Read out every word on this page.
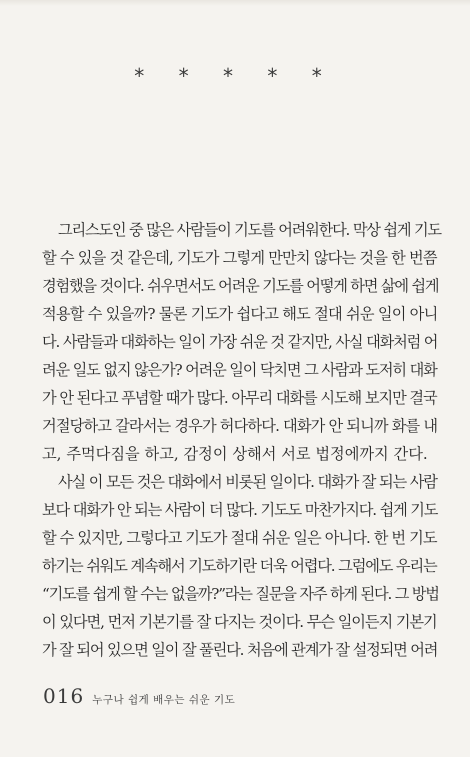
* * * * *

그리스도인 중 많은 사람들이 기도를 어려워한다. 막상 쉽게 기도
할 수 있을 것 같은데, 기도가 그렇게 만만치 않다는 것을 한 번쯤
경험했을 것이다. 쉬우면서도 어려운 기도를 어떻게 하면 삶에 쉽게
적용할 수 있을까? 물론 기도가 쉽다고 해도 절대 쉬운 일이 아니
다. 사람들과 대화하는 일이 가장 쉬운 것 같지만, 사실 대화처럼 어
려운 일도 없지 않은가? 어려운 일이 닥치면 그 사람과 도저히 대화
가 안 된다고 푸념할 때가 많다. 아무리 대화를 시도해 보지만 결국
거절당하고 갈라서는 경우가 허다하다. 대화가 안 되니까 화를 내
고, 주먹다짐을 하고, 감정이 상해서 서로 법정에까지 간다.

사실 이 모든 것은 대화에서 비롯된 일이다. 대화가 잘 되는 사람
보다 대화가 안 되는 사람이 더 많다. 기도도 마찬가지다. 쉽게 기도
할 수 있지만, 그렇다고 기도가 절대 쉬운 일은 아니다. 한 번 기도
하기는 쉬워도 계속해서 기도하기란 더욱 어렵다. 그럼에도 우리는
“기도를 쉽게 할 수는 없을까?”라는 질문을 자주 하게 된다. 그 방법
이 있다면, 먼저 기본기를 잘 다지는 것이다. 무슨 일이든지 기본기
가 잘 되어 있으면 일이 잘 풀린다. 처음에 관계가 잘 설정되면 어려

016 누구나 쉽게 배우는 쉬운 기도
